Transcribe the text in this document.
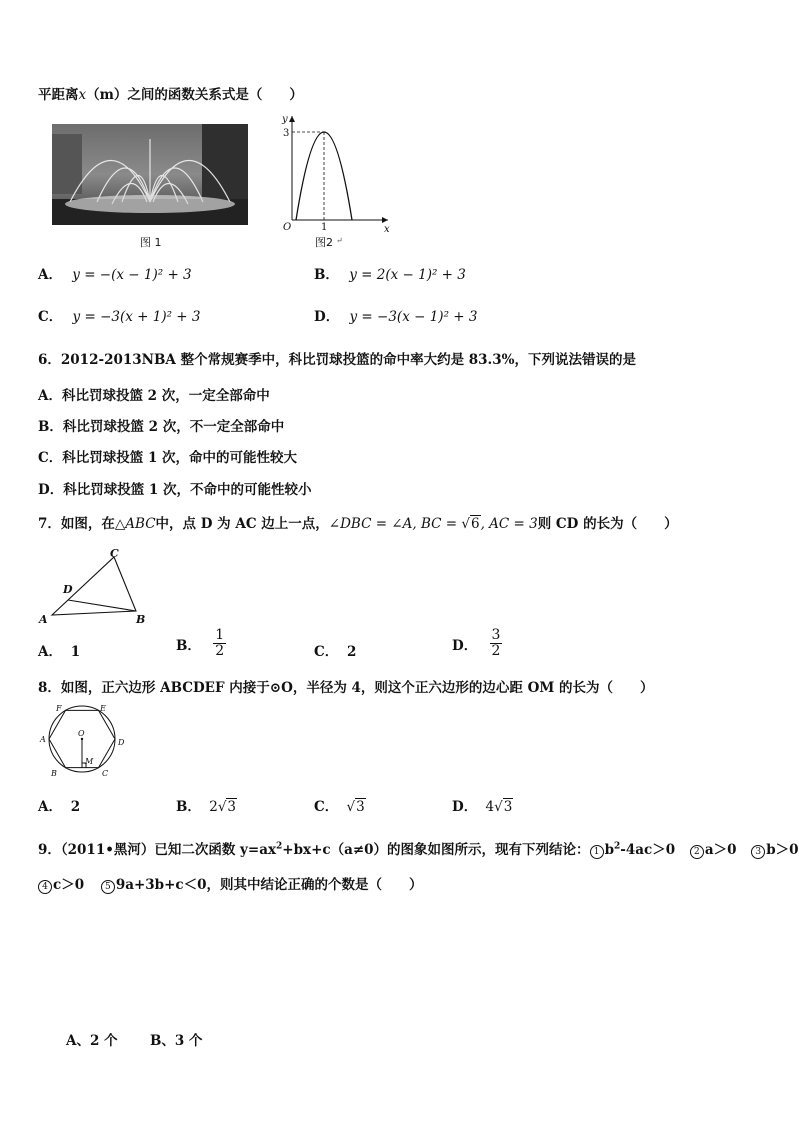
平距离x（m）之间的函数关系式是（　　）
图 1
y
x
O
3
1
图2 ↵
A． y = −(x − 1)² + 3	B． y = 2(x − 1)² + 3
C． y = −3(x + 1)² + 3	D． y = −3(x − 1)² + 3
6．2012-2013NBA 整个常规赛季中，科比罚球投篮的命中率大约是 83.3%，下列说法错误的是
A．科比罚球投篮 2 次，一定全部命中
B．科比罚球投篮 2 次，不一定全部命中
C．科比罚球投篮 1 次，命中的可能性较大
D．科比罚球投篮 1 次，不命中的可能性较小
7．如图，在△ABC中，点 D 为 AC 边上一点，∠DBC = ∠A, BC = √6, AC = 3则 CD 的长为（　　）
A	B
C
D
A． 1	B． $\frac{1}{2}$	C． 2	D． $\frac{3}{2}$
8．如图，正六边形 ABCDEF 内接于⊙O，半径为 4，则这个正六边形的边心距 OM 的长为（　　）
A
B	C
D
E
F
O
M
A． 2	B． 2√3	C． √3	D． 4√3
9．（2011•黑河）已知二次函数 $y=ax^2+bx+c(a\ne 0)$的图象如图所示，现有下列结论： 1 $b^2-4ac>0$ 2 a＞0 3 b＞0
4 c＞0 5 9a+3b+c＜0，则其中结论正确的个数是（　　）
A、2 个 B、3 个
